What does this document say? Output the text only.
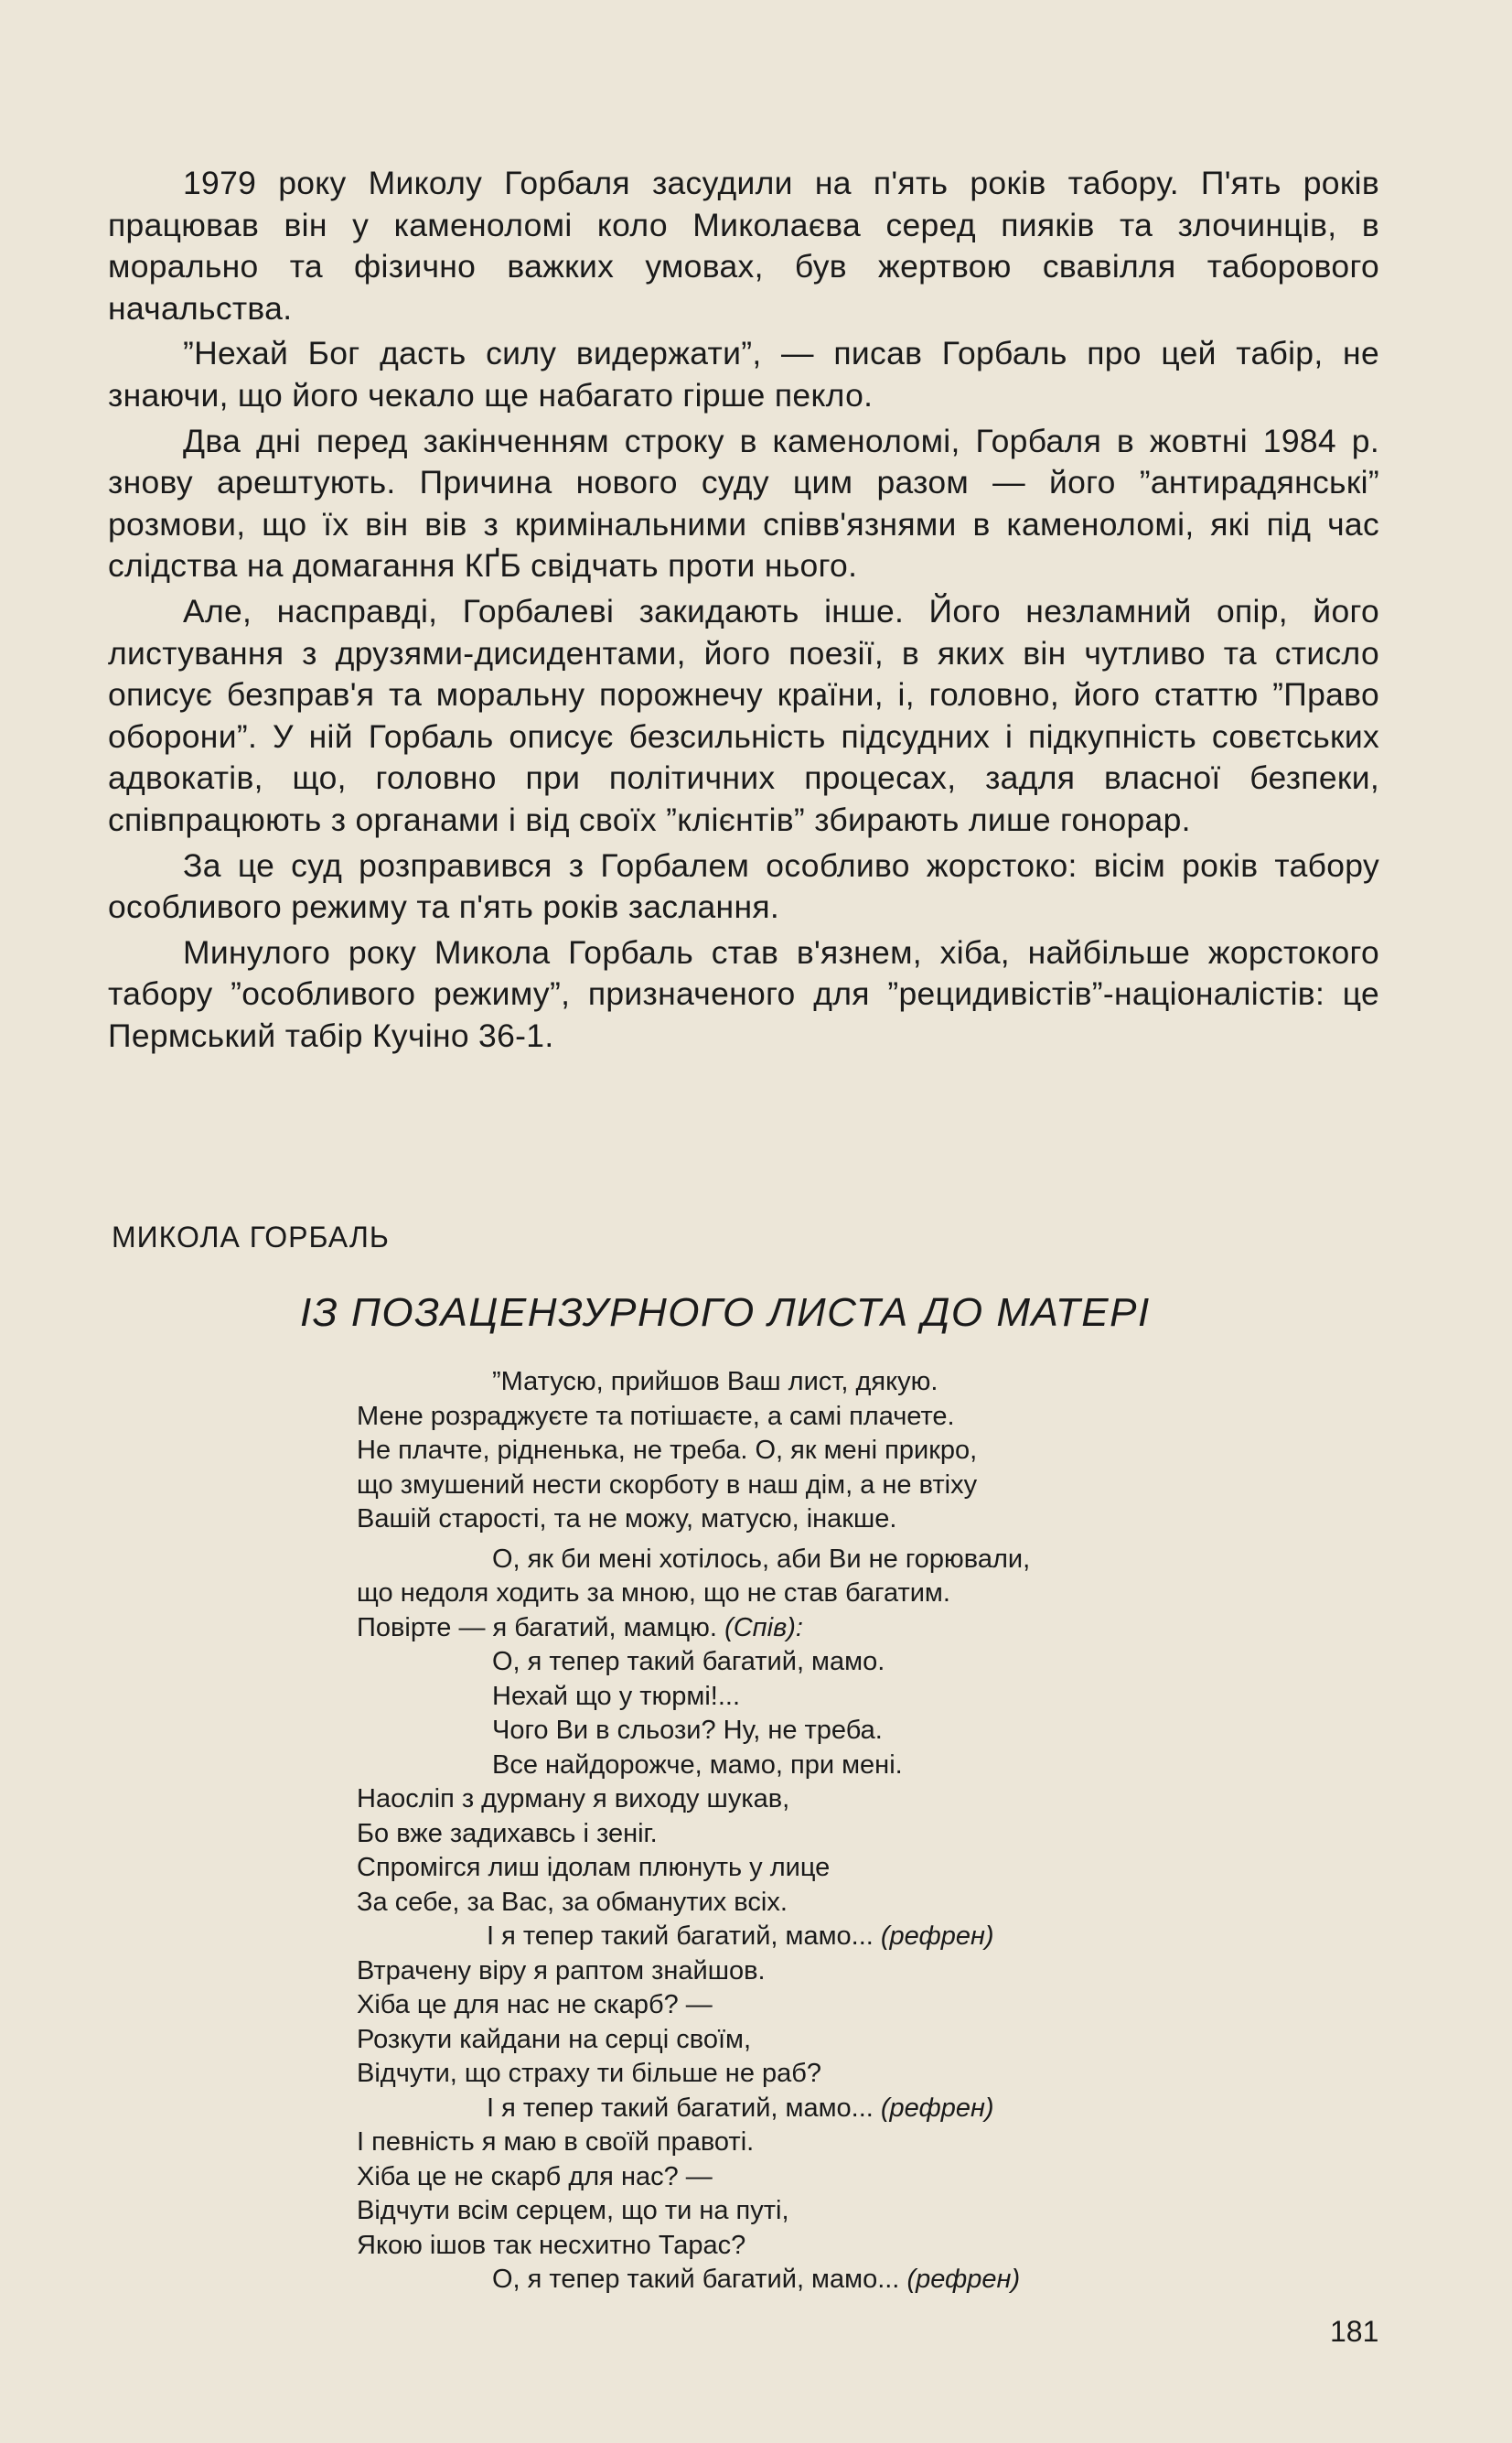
1979 року Миколу Горбаля засудили на п'ять років табору. П'ять років працював він у каменоломі коло Миколаєва серед пияків та злочинців, в морально та фізично важких умовах, був жертвою свавілля таборового начальства.

”Нехай Бог дасть силу видержати”, — писав Горбаль про цей табір, не знаючи, що його чекало ще набагато гірше пекло.

Два дні перед закінченням строку в каменоломі, Горбаля в жовтні 1984 р. знову арештують. Причина нового суду цим разом — його ”антирадянські” розмови, що їх він вів з кримінальними співв'язнями в каменоломі, які під час слідства на домагання КҐБ свідчать проти нього.

Але, насправді, Горбалеві закидають інше. Його незламний опір, його листування з друзями-дисидентами, його поезії, в яких він чутливо та стисло описує безправ'я та моральну порожнечу країни, і, головно, його статтю ”Право оборони”. У ній Горбаль описує безсильність підсудних і підкупність совєтських адвокатів, що, головно при політичних процесах, задля власної безпеки, співпрацюють з органами і від своїх ”клієнтів” збирають лише гонорар.

За це суд розправився з Горбалем особливо жорстоко: вісім років табору особливого режиму та п'ять років заслання.

Минулого року Микола Горбаль став в'язнем, хіба, найбільше жорстокого табору ”особливого режиму”, призначеного для ”рецидивістів”-націоналістів: це Пермський табір Кучіно 36-1.

МИКОЛА ГОРБАЛЬ
ІЗ ПОЗАЦЕНЗУРНОГО ЛИСТА ДО МАТЕРІ
”Матусю, прийшов Ваш лист, дякую.
Мене розраджуєте та потішаєте, а самі плачете.
Не плачте, рідненька, не треба. О, як мені прикро,
що змушений нести скорботу в наш дім, а не втіху
Вашій старості, та не можу, матусю, інакше.
О, як би мені хотілось, аби Ви не горювали,
що недоля ходить за мною, що не став багатим.
Повірте — я багатий, мамцю. (Спів):
О, я тепер такий багатий, мамо.
Нехай що у тюрмі!...
Чого Ви в сльози? Ну, не треба.
Все найдорожче, мамо, при мені.
Наосліп з дурману я виходу шукав,
Бо вже задихавсь і зеніг.
Спромігся лиш ідолам плюнуть у лице
За себе, за Вас, за обманутих всіх.
І я тепер такий багатий, мамо... (рефрен)
Втрачену віру я раптом знайшов.
Хіба це для нас не скарб? —
Розкути кайдани на серці своїм,
Відчути, що страху ти більше не раб?
І я тепер такий багатий, мамо... (рефрен)
І певність я маю в своїй правоті.
Хіба це не скарб для нас? —
Відчути всім серцем, що ти на путі,
Якою ішов так несхитно Тарас?
О, я тепер такий багатий, мамо... (рефрен)
181
